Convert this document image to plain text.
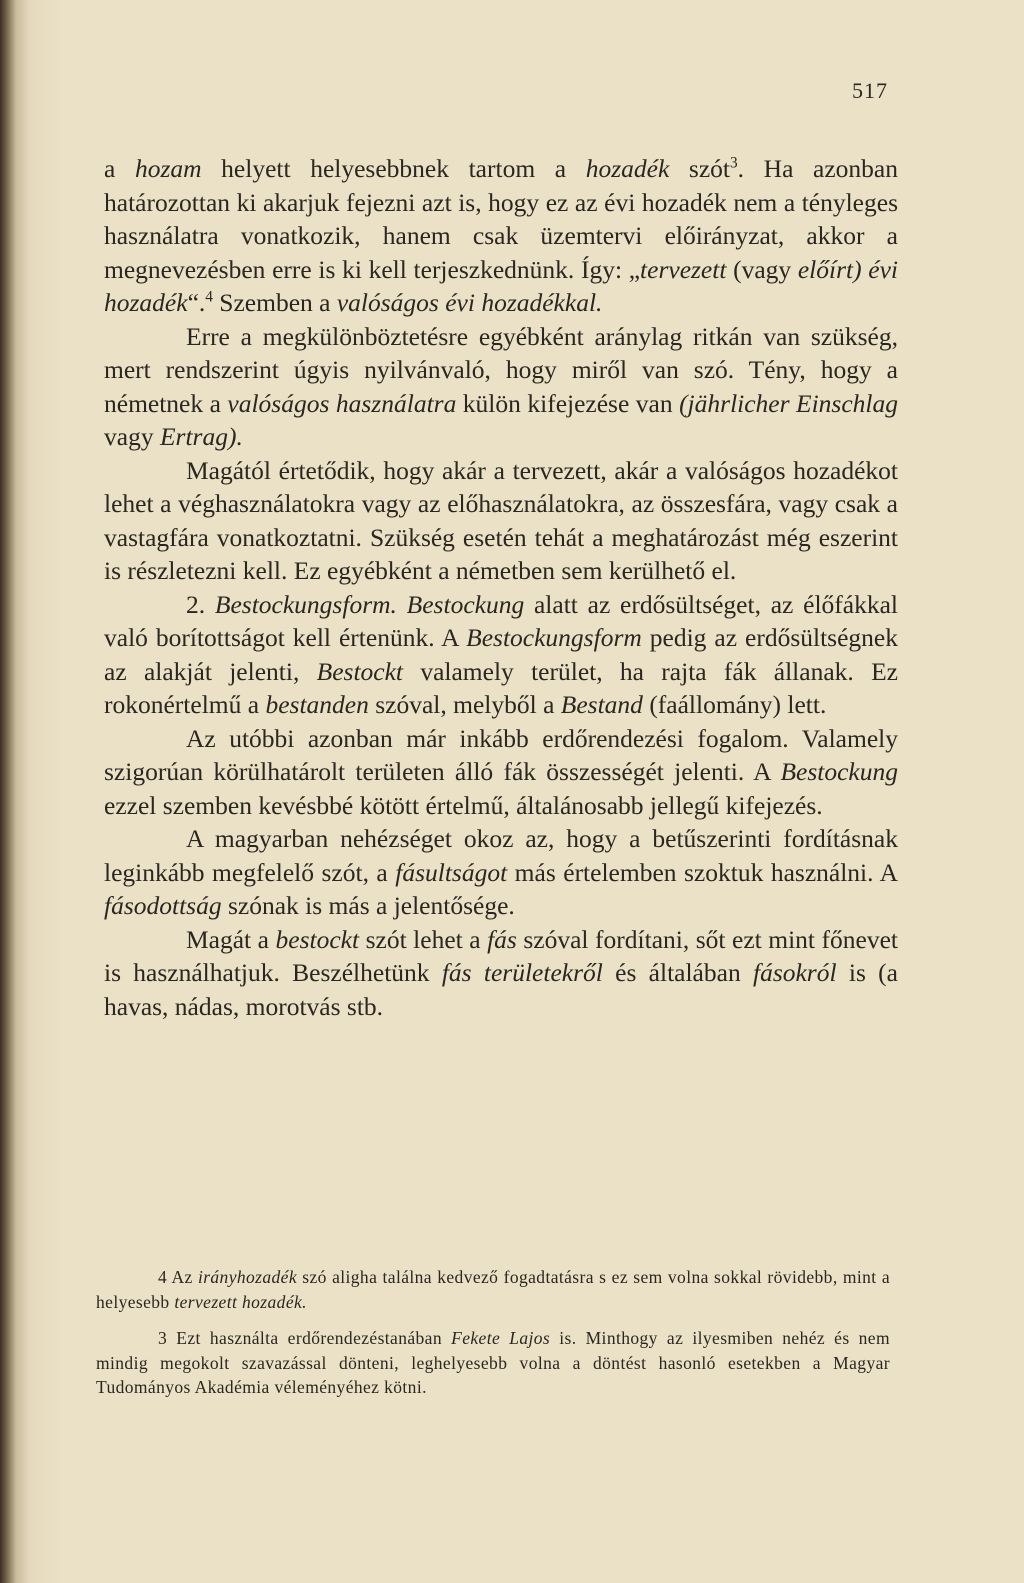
517

a hozam helyett helyesebbnek tartom a hozadék szót$^3$. Ha azonban határozottan ki akarjuk fejezni azt is, hogy ez az évi hozadék nem a tényleges használatra vonatkozik, hanem csak üzemtervi előirányzat, akkor a megnevezésben erre is ki kell terjeszkednünk. Így: „tervezett (vagy előírt) évi hozadék“.$^4$ Szemben a valóságos évi hozadékkal.

Erre a megkülönböztetésre egyébként aránylag ritkán van szükség, mert rendszerint úgyis nyilvánvaló, hogy miről van szó. Tény, hogy a németnek a valóságos használatra külön kifejezése van (jährlicher Einschlag vagy Ertrag).

Magától értetődik, hogy akár a tervezett, akár a valóságos hozadékot lehet a véghasználatokra vagy az előhasználatokra, az összesfára, vagy csak a vastagfára vonatkoztatni. Szükség esetén tehát a meghatározást még eszerint is részletezni kell. Ez egyébként a németben sem kerülhető el.

2. Bestockungsform. Bestockung alatt az erdősültséget, az élőfákkal való borítottságot kell értenünk. A Bestockungsform pedig az erdősültségnek az alakját jelenti, Bestockt valamely terület, ha rajta fák állanak. Ez rokonértelmű a bestanden szóval, melyből a Bestand (faállomány) lett.

Az utóbbi azonban már inkább erdőrendezési fogalom. Valamely szigorúan körülhatárolt területen álló fák összességét jelenti. A Bestockung ezzel szemben kevésbbé kötött értelmű, általánosabb jellegű kifejezés.

A magyarban nehézséget okoz az, hogy a betűszerinti fordításnak leginkább megfelelő szót, a fásultságot más értelemben szoktuk használni. A fásodottság szónak is más a jelentősége.

Magát a bestockt szót lehet a fás szóval fordítani, sőt ezt mint főnevet is használhatjuk. Beszélhetünk fás területekről és általában fásokról is (a havas, nádas, morotvás stb.

4 Az irányhozadék szó aligha találna kedvező fogadtatásra s ez sem volna sokkal rövidebb, mint a helyesebb tervezett hozadék.

3 Ezt használta erdőrendezéstanában Fekete Lajos is. Minthogy az ilyesmiben nehéz és nem mindig megokolt szavazással dönteni, leghelyesebb volna a döntést hasonló esetekben a Magyar Tudományos Akadémia véleményéhez kötni.
